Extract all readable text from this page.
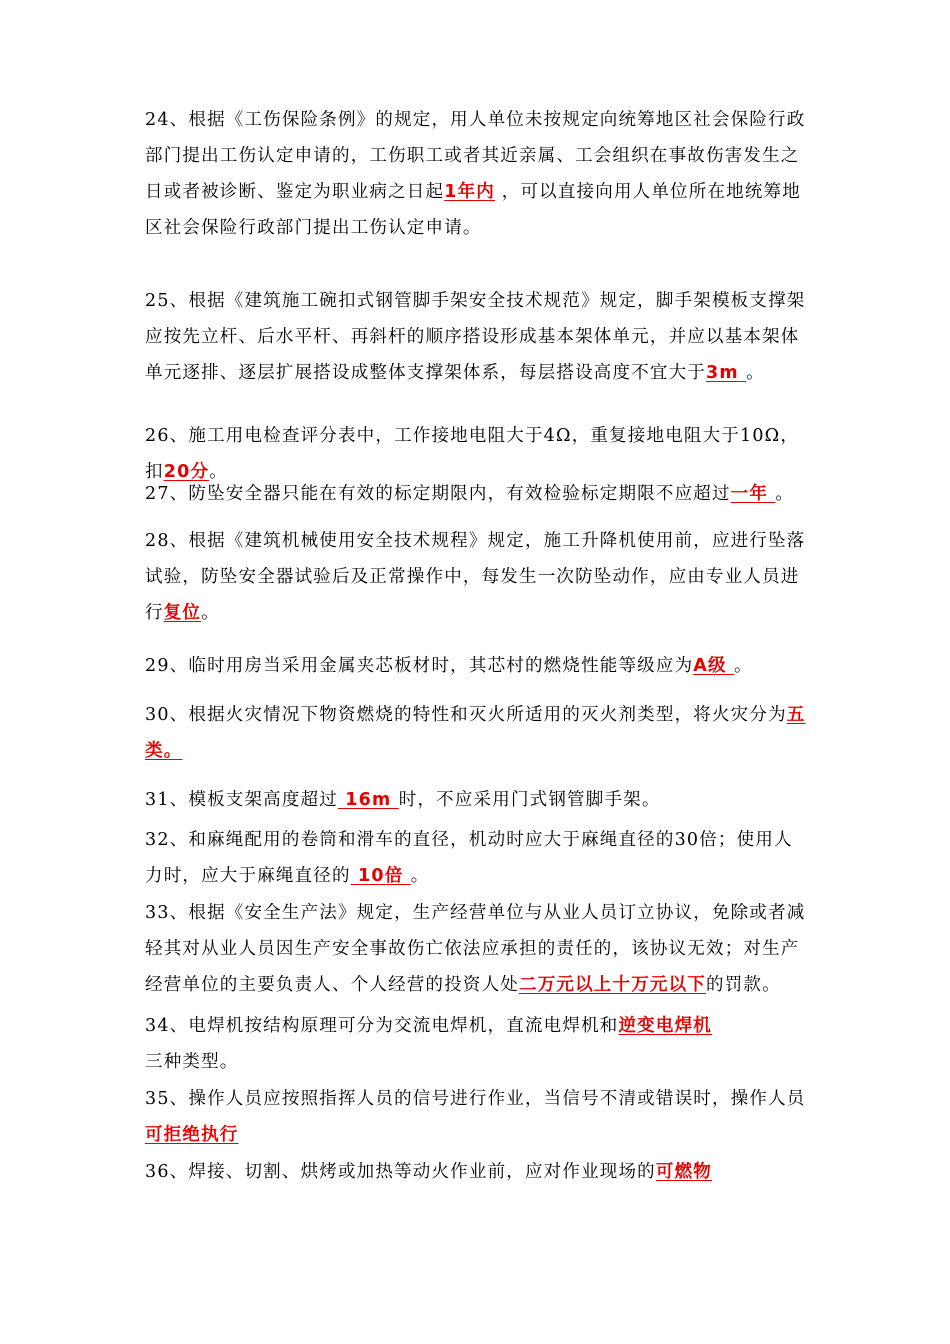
24、根据《工伤保险条例》的规定，用人单位未按规定向统筹地区社会保险行政部门提出工伤认定申请的，工伤职工或者其近亲属、工会组织在事故伤害发生之日或者被诊断、鉴定为职业病之日起1年内 ，可以直接向用人单位所在地统筹地区社会保险行政部门提出工伤认定申请。

25、根据《建筑施工碗扣式钢管脚手架安全技术规范》规定，脚手架模板支撑架应按先立杆、后水平杆、再斜杆的顺序搭设形成基本架体单元，并应以基本架体单元逐排、逐层扩展搭设成整体支撑架体系，每层搭设高度不宜大于3m 。

26、施工用电检查评分表中，工作接地电阻大于4Ω，重复接地电阻大于10Ω，扣20分。

27、防坠安全器只能在有效的标定期限内，有效检验标定期限不应超过一年 。

28、根据《建筑机械使用安全技术规程》规定，施工升降机使用前，应进行坠落试验，防坠安全器试验后及正常操作中，每发生一次防坠动作，应由专业人员进行复位。

29、临时用房当采用金属夹芯板材时，其芯村的燃烧性能等级应为A级 。

30、根据火灾情况下物资燃烧的特性和灭火所适用的灭火剂类型，将火灾分为五类。

31、模板支架高度超过 16m 时，不应采用门式钢管脚手架。

32、和麻绳配用的卷筒和滑车的直径，机动时应大于麻绳直径的30倍；使用人力时，应大于麻绳直径的 10倍 。

33、根据《安全生产法》规定，生产经营单位与从业人员订立协议，免除或者减轻其对从业人员因生产安全事故伤亡依法应承担的责任的，该协议无效；对生产经营单位的主要负责人、个人经营的投资人处二万元以上十万元以下的罚款。

34、电焊机按结构原理可分为交流电焊机，直流电焊机和逆变电焊机
三种类型。

35、操作人员应按照指挥人员的信号进行作业，当信号不清或错误时，操作人员可拒绝执行

36、焊接、切割、烘烤或加热等动火作业前，应对作业现场的可燃物
